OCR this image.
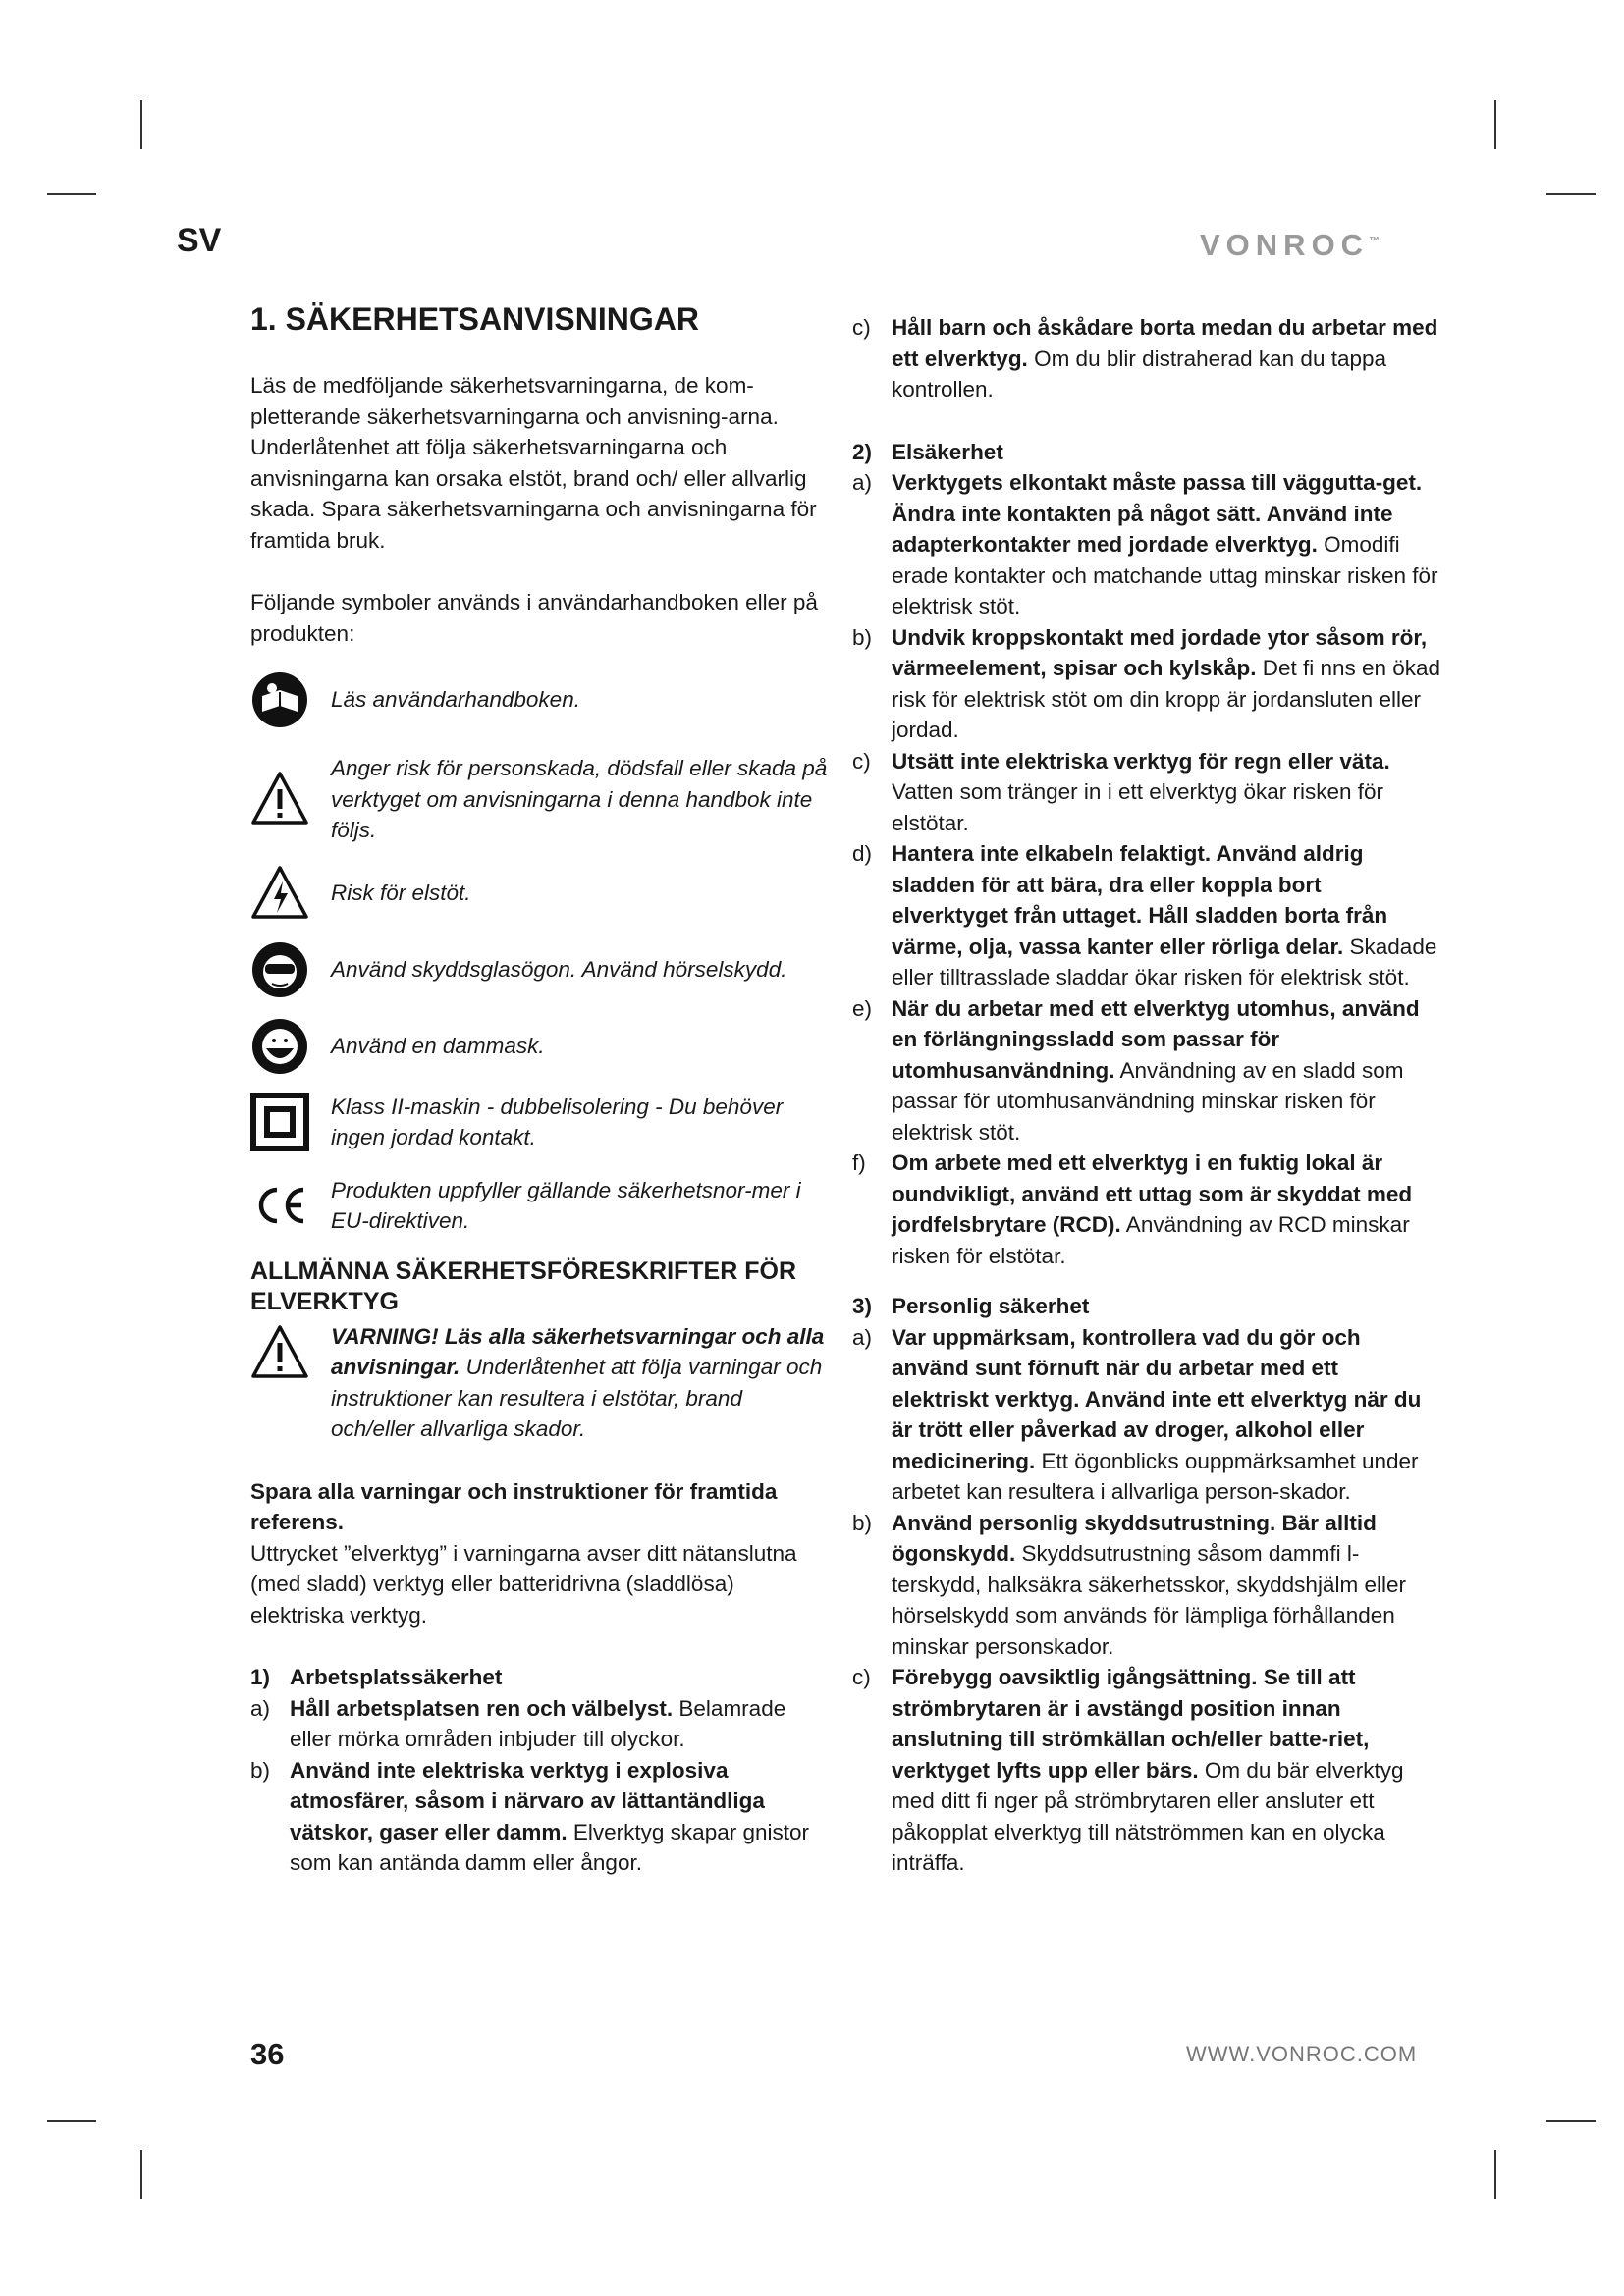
SV	VONROC™
1. SÄKERHETSANVISNINGAR

Läs de medföljande säkerhetsvarningarna, de kom-pletterande säkerhetsvarningarna och anvisning-arna. Underlåtenhet att följa säkerhetsvarningarna och anvisningarna kan orsaka elstöt, brand och/ eller allvarlig skada. Spara säkerhetsvarningarna och anvisningarna för framtida bruk.

Följande symboler används i användarhandboken eller på produkten:

Läs användarhandboken.
Anger risk för personskada, dödsfall eller skada på verktyget om anvisningarna i denna handbok inte följs.
Risk för elstöt.
Använd skyddsglasögon. Använd hörselskydd.
Använd en dammask.
Klass II-maskin - dubbelisolering - Du behöver ingen jordad kontakt.
Produkten uppfyller gällande säkerhetsnor-mer i EU-direktiven.
ALLMÄNNA SÄKERHETSFÖRESKRIFTER FÖR ELVERKTYG
VARNING! Läs alla säkerhetsvarningar och alla anvisningar. Underlåtenhet att följa varningar och instruktioner kan resultera i elstötar, brand och/eller allvarliga skador.

Spara alla varningar och instruktioner för framtida referens.

Uttrycket ”elverktyg” i varningarna avser ditt nätanslutna (med sladd) verktyg eller batteridrivna (sladdlösa) elektriska verktyg.

1) Arbetsplatssäkerhet
a) Håll arbetsplatsen ren och välbelyst. Belamrade eller mörka områden inbjuder till olyckor.
b) Använd inte elektriska verktyg i explosiva atmosfärer, såsom i närvaro av lättantändliga vätskor, gaser eller damm. Elverktyg skapar gnistor som kan antända damm eller ångor.
c) Håll barn och åskådare borta medan du arbetar med ett elverktyg. Om du blir distraherad kan du tappa kontrollen.
2) Elsäkerhet
a) Verktygets elkontakt måste passa till väggutta-get. Ändra inte kontakten på något sätt. Använd inte adapterkontakter med jordade elverktyg. Omodifi erade kontakter och matchande uttag minskar risken för elektrisk stöt.
b) Undvik kroppskontakt med jordade ytor såsom rör, värmeelement, spisar och kylskåp. Det fi nns en ökad risk för elektrisk stöt om din kropp är jordansluten eller jordad.
c) Utsätt inte elektriska verktyg för regn eller väta. Vatten som tränger in i ett elverktyg ökar risken för elstötar.
d) Hantera inte elkabeln felaktigt. Använd aldrig sladden för att bära, dra eller koppla bort elverktyget från uttaget. Håll sladden borta från värme, olja, vassa kanter eller rörliga delar. Skadade eller tilltrasslade sladdar ökar risken för elektrisk stöt.
e) När du arbetar med ett elverktyg utomhus, använd en förlängningssladd som passar för utomhusanvändning. Användning av en sladd som passar för utomhusanvändning minskar risken för elektrisk stöt.
f)	Om arbete med ett elverktyg i en fuktig lokal är oundvikligt, använd ett uttag som är skyddat med jordfelsbrytare (RCD). Användning av RCD minskar risken för elstötar.
3) Personlig säkerhet
a) Var uppmärksam, kontrollera vad du gör och använd sunt förnuft när du arbetar med ett elektriskt verktyg. Använd inte ett elverktyg när du är trött eller påverkad av droger, alkohol eller medicinering. Ett ögonblicks ouppmärksamhet under arbetet kan resultera i allvarliga person-skador.
b) Använd personlig skyddsutrustning. Bär alltid ögonskydd. Skyddsutrustning såsom dammfi l-terskydd, halksäkra säkerhetsskor, skyddshjälm eller hörselskydd som används för lämpliga förhållanden minskar personskador.
c) Förebygg oavsiktlig igångsättning. Se till att strömbrytaren är i avstängd position innan anslutning till strömkällan och/eller batte-riet, verktyget lyfts upp eller bärs. Om du bär elverktyg med ditt fi nger på strömbrytaren eller ansluter ett påkopplat elverktyg till nätströmmen kan en olycka inträffa.
36	WWW.VONROC.COM
